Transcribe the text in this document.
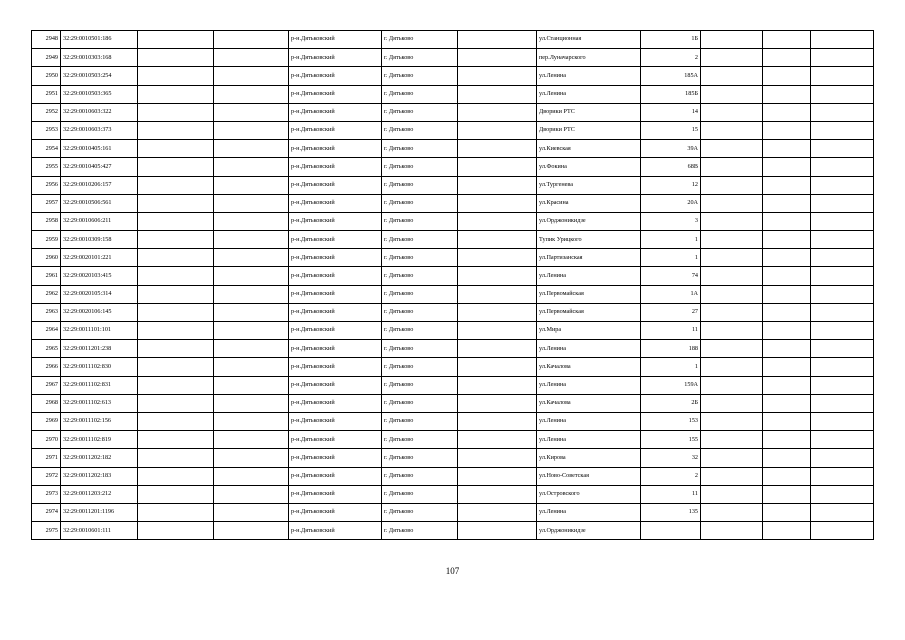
2948	32:29:0010501:186			р-н.Дятьковский	г. Дятьково		ул.Станционная	1Б			
2949	32:29:0010303:168			р-н.Дятьковский	г. Дятьково		пер.Луначарского	2			
2950	32:29:0010503:254			р-н.Дятьковский	г. Дятьково		ул.Ленина	185А			
2951	32:29:0010503:365			р-н.Дятьковский	г. Дятьково		ул.Ленина	185Б			
2952	32:29:0010603:322			р-н.Дятьковский	г. Дятьково		Дворики РТС	14			
2953	32:29:0010603:373			р-н.Дятьковский	г. Дятьково		Дворики РТС	15			
2954	32:29:0010405:161			р-н.Дятьковский	г. Дятьково		ул.Киевская	39А			
2955	32:29:0010405:427			р-н.Дятьковский	г. Дятьково		ул.Фокина	68В			
2956	32:29:0010206:157			р-н.Дятьковский	г. Дятьково		ул.Тургенева	12			
2957	32:29:0010506:561			р-н.Дятьковский	г. Дятьково		ул.Красина	20А			
2958	32:29:0010606:211			р-н.Дятьковский	г. Дятьково		ул.Орджоникидзе	3			
2959	32:29:0010309:158			р-н.Дятьковский	г. Дятьково		Тупик Урицкого	1			
2960	32:29:0020101:221			р-н.Дятьковский	г. Дятьково		ул.Партизанская	1			
2961	32:29:0020103:415			р-н.Дятьковский	г. Дятьково		ул.Ленина	74			
2962	32:29:0020105:314			р-н.Дятьковский	г. Дятьково		ул.Первомайская	1А			
2963	32:29:0020106:145			р-н.Дятьковский	г. Дятьково		ул.Первомайская	27			
2964	32:29:0011101:101			р-н.Дятьковский	г. Дятьково		ул.Мира	11			
2965	32:29:0011201:238			р-н.Дятьковский	г. Дятьково		ул.Ленина	188			
2966	32:29:0011102:830			р-н.Дятьковский	г. Дятьково		ул.Качалова	1			
2967	32:29:0011102:831			р-н.Дятьковский	г. Дятьково		ул.Ленина	159А			
2968	32:29:0011102:613			р-н.Дятьковский	г. Дятьково		ул.Качалова	2Б			
2969	32:29:0011102:156			р-н.Дятьковский	г. Дятьково		ул.Ленина	153			
2970	32:29:0011102:819			р-н.Дятьковский	г. Дятьково		ул.Ленина	155			
2971	32:29:0011202:182			р-н.Дятьковский	г. Дятьково		ул.Кирова	32			
2972	32:29:0011202:183			р-н.Дятьковский	г. Дятьково		ул.Ново-Советская	2			
2973	32:29:0011203:212			р-н.Дятьковский	г. Дятьково		ул.Островского	11			
2974	32:29:0011201:1196			р-н.Дятьковский	г. Дятьково		ул.Ленина	135			
2975	32:29:0010601:111			р-н.Дятьковский	г. Дятьково		ул.Орджоникидзе				
107
